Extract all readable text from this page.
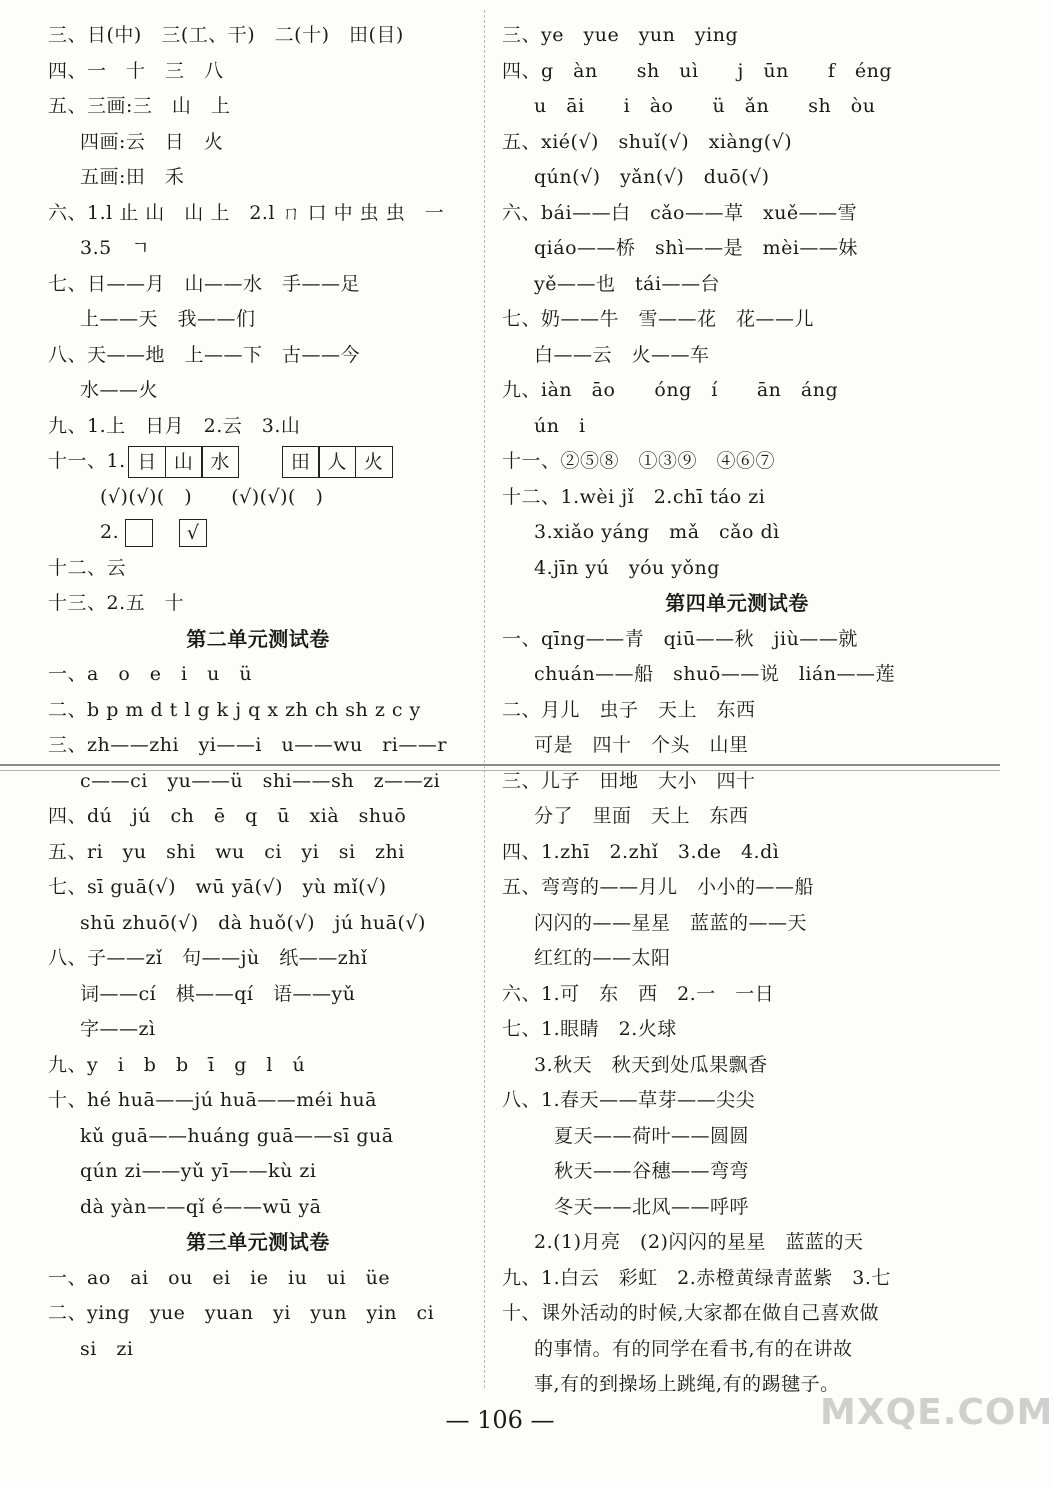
三、日(中)　三(工、干)　二(十)　田(目)
四、一　十　三　八
五、三画:三　山　上
四画:云　日　火
五画:田　禾
六、1.l 止 山　山 上　2.l ㄇ 口 中 虫 虫　一
3.5　ㄱ
七、日——月　山——水　手——足
上——天　我——们
八、天——地　上——下　古——今
水——火
九、1.上　日月　2.云　3.山
十一、1. 日 山 水	田 人 火
(√)(√)(　)　　(√)(√)(　)
2.	√
十二、云
十三、2.五　十
第二单元测试卷
一、a　o　e　i　u　ü
二、b p m d t l g k j q x zh ch sh z c y
三、zh——zhi　yi——i　u——wu　ri——r
c——ci　yu——ü　shi——sh　z——zi
四、dú　jú　ch　ē　q　ū　xià　shuō
五、ri　yu　shi　wu　ci　yi　si　zhi
七、sī guā(√)　wū yā(√)　yù mǐ(√)
shū zhuō(√)　dà huǒ(√)　jú huā(√)
八、子——zǐ　句——jù　纸——zhǐ
词——cí　棋——qí　语——yǔ
字——zì
九、y　i　b　b　ī　g　l　ú
十、hé huā——jú huā——méi huā
kǔ guā——huáng guā——sī guā
qún zi——yǔ yī——kù zi
dà yàn——qǐ é——wū yā
第三单元测试卷
一、ao　ai　ou　ei　ie　iu　ui　üe
二、ying　yue　yuan　yi　yun　yin　ci
si　zi
三、ye　yue　yun　ying
四、g　àn　　sh　uì　　j　ūn　　f　éng
u　āi　　i　ào　　ü　ǎn　　sh　òu
五、xié(√)　shuǐ(√)　xiàng(√)
qún(√)　yǎn(√)　duō(√)
六、bái——白　cǎo——草　xuě——雪
qiáo——桥　shì——是　mèi——妹
yě——也　tái——台
七、奶——牛　雪——花　花——儿
白——云　火——车
九、iàn　āo　　óng　í　　ān　áng
ún　i
十一、②⑤⑧　①③⑨　④⑥⑦
十二、1.wèi jǐ　2.chī táo zi
3.xiǎo yáng　mǎ　cǎo dì
4.jīn yú　yóu yǒng
第四单元测试卷
一、qīng——青　qiū——秋　jiù——就
chuán——船　shuō——说　lián——莲
二、月儿　虫子　天上　东西
可是　四十　个头　山里
三、儿子　田地　大小　四十
分了　里面　天上　东西
四、1.zhī　2.zhǐ　3.de　4.dì
五、弯弯的——月儿　小小的——船
闪闪的——星星　蓝蓝的——天
红红的——太阳
六、1.可　东　西　2.一　一日
七、1.眼睛　2.火球
3.秋天　秋天到处瓜果飘香
八、1.春天——草芽——尖尖
夏天——荷叶——圆圆
秋天——谷穗——弯弯
冬天——北风——呼呼
2.(1)月亮　(2)闪闪的星星　蓝蓝的天
九、1.白云　彩虹　2.赤橙黄绿青蓝紫　3.七
十、课外活动的时候,大家都在做自己喜欢做
的事情。有的同学在看书,有的在讲故
事,有的到操场上跳绳,有的踢毽子。
— 106 —	MXQE.COM
